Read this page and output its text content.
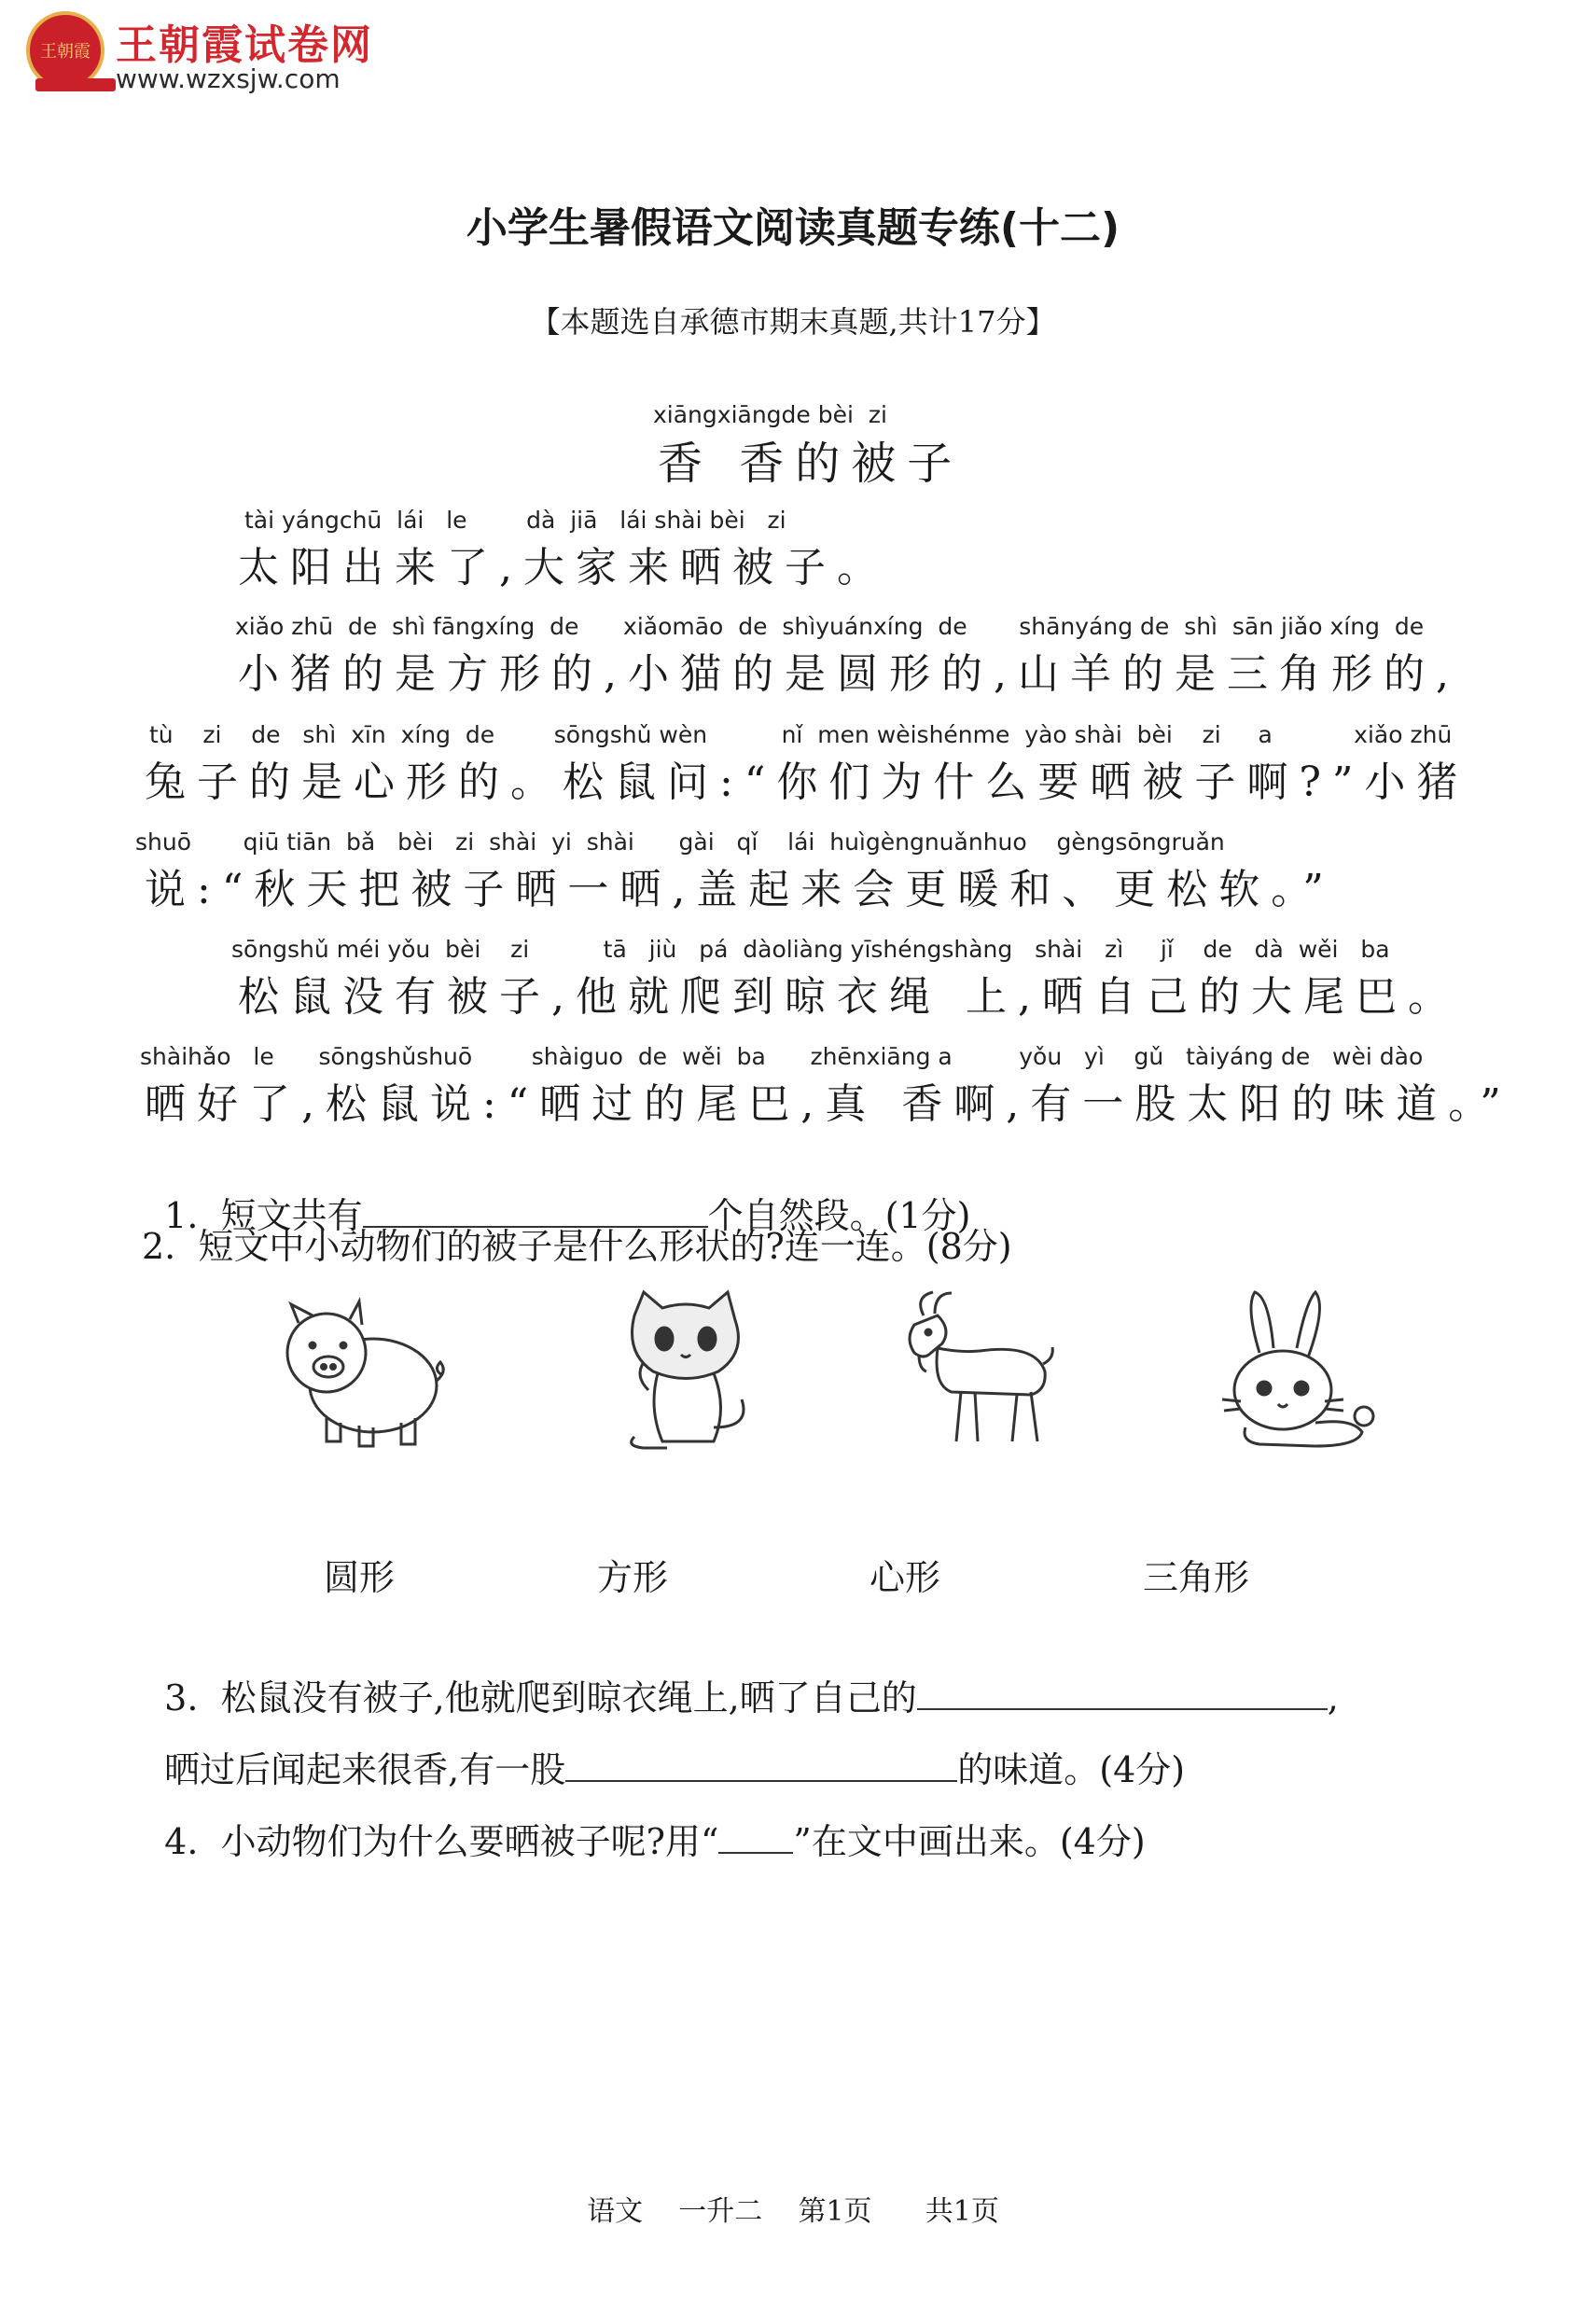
王朝霞 王朝霞试卷网
www.wzxsjw.com
小学生暑假语文阅读真题专练(十二)
【本题选自承德市期末真题,共计17分】
xiāngxiāngde bèi  zi
香 香的被子
tài yángchū  lái   le        dà  jiā   lái shài bèi   zi
太阳出来了,大家来晒被子。
xiǎo zhū  de  shì fāngxíng  de      xiǎomāo  de  shìyuánxíng  de       shānyáng de  shì  sān jiǎo xíng  de
小猪的是方形的,小猫的是圆形的,山羊的是三角形的,
tù    zi    de   shì  xīn  xíng  de        sōngshǔ wèn          nǐ  men wèishénme  yào shài  bèi    zi     a           xiǎo zhū
兔子的是心形的。松鼠问:“你们为什么要晒被子啊?”小猪
shuō       qiū tiān  bǎ   bèi   zi  shài  yi  shài      gài   qǐ    lái  huìgèngnuǎnhuo    gèngsōngruǎn
说:“秋天把被子晒一晒,盖起来会更暖和、更松软。”
sōngshǔ méi yǒu  bèi    zi          tā   jiù   pá  dàoliàng yīshéngshàng   shài   zì     jǐ    de   dà  wěi   ba
松鼠没有被子,他就爬到晾衣绳 上,晒自己的大尾巴。
shàihǎo   le      sōngshǔshuō        shàiguo  de  wěi  ba      zhēnxiāng a         yǒu   yì    gǔ   tàiyáng de   wèi dào
晒好了,松鼠说:“晒过的尾巴,真 香啊,有一股太阳的味道。”

1.  短文共有	个自然段。(1分)

2.  短文中小动物们的被子是什么形状的?连一连。(8分)
圆形	方形	心形	三角形

3.  松鼠没有被子,他就爬到晾衣绳上,晒了自己的	,

晒过后闻起来很香,有一股	的味道。(4分)

4.  小动物们为什么要晒被子呢?用“ ”在文中画出来。(4分)

语文    一升二    第1页      共1页
